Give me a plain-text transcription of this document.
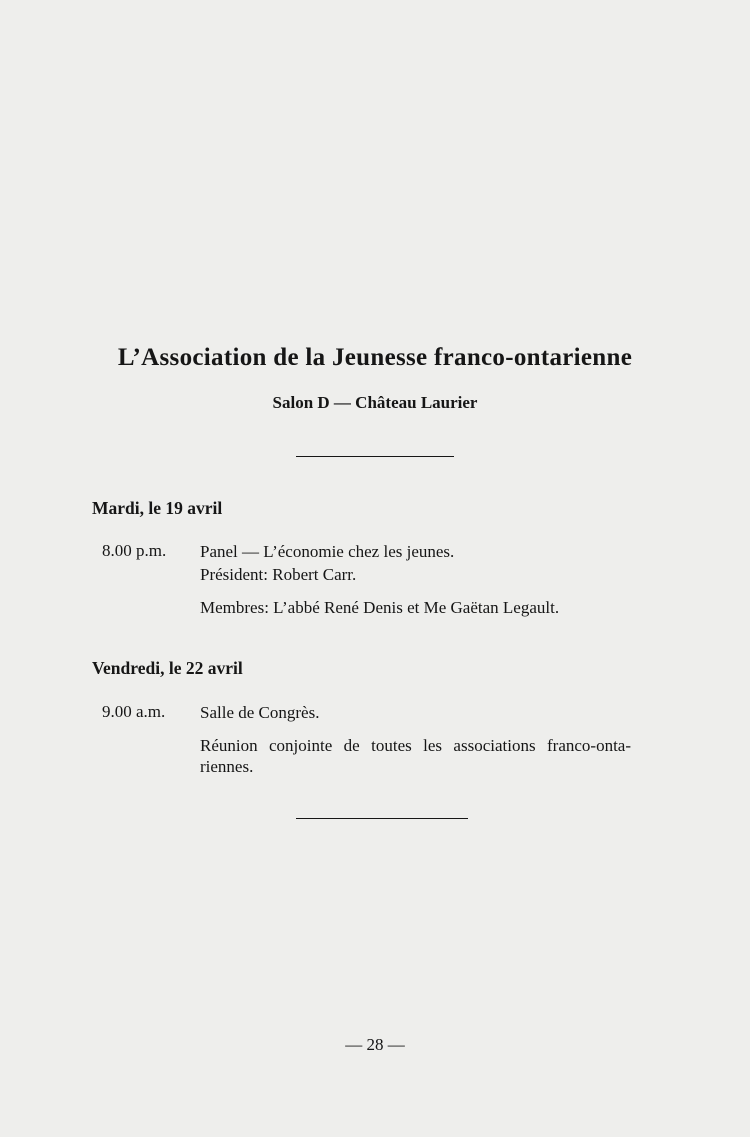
L’Association de la Jeunesse franco-ontarienne
Salon D — Château Laurier
Mardi, le 19 avril
8.00 p.m. Panel — L’économie chez les jeunes.
Président: Robert Carr.
Membres: L’abbé René Denis et Me Gaëtan Legault.
Vendredi, le 22 avril
9.00 a.m. Salle de Congrès.
Réunion conjointe de toutes les associations franco-onta-riennes.
— 28 —
